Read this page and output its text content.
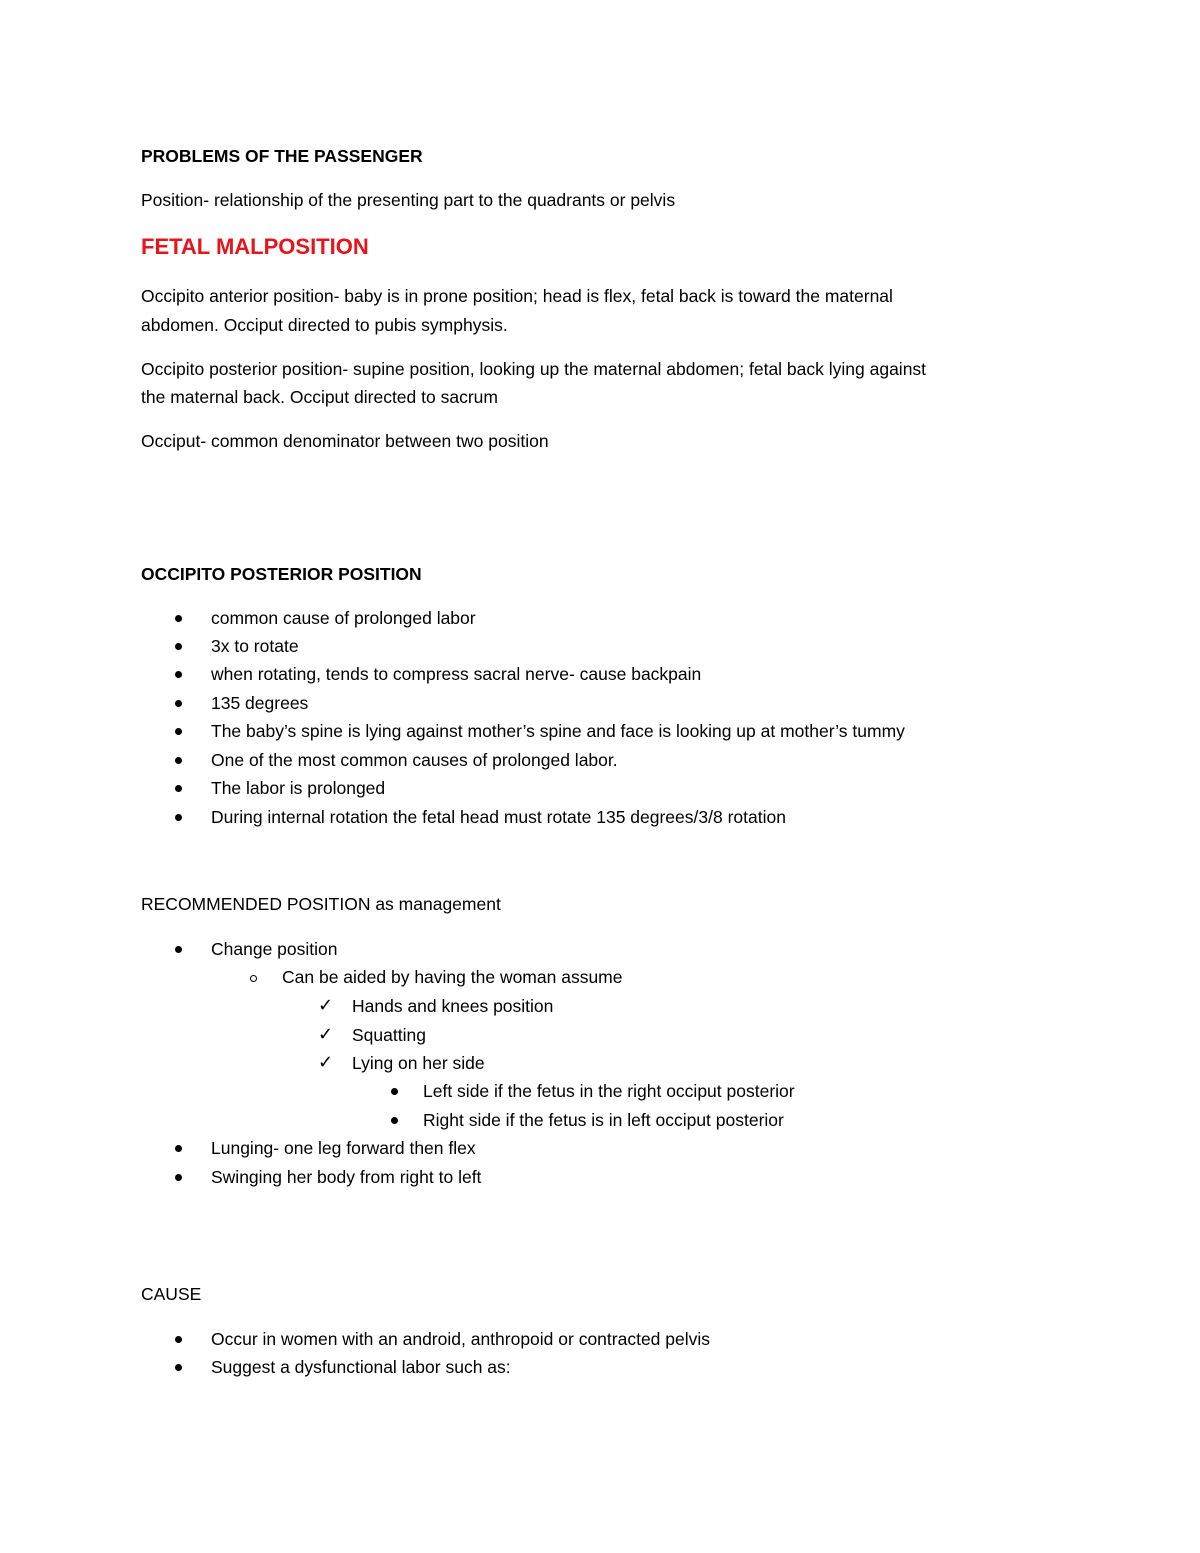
PROBLEMS OF THE PASSENGER
Position- relationship of the presenting part to the quadrants or pelvis
FETAL MALPOSITION
Occipito anterior position- baby is in prone position; head is flex, fetal back is toward the maternal
abdomen. Occiput directed to pubis symphysis.
Occipito posterior position- supine position, looking up the maternal abdomen; fetal back lying against
the maternal back. Occiput directed to sacrum
Occiput- common denominator between two position
OCCIPITO POSTERIOR POSITION
common cause of prolonged labor
3x to rotate
when rotating, tends to compress sacral nerve- cause backpain
135 degrees
The baby’s spine is lying against mother’s spine and face is looking up at mother’s tummy
One of the most common causes of prolonged labor.
The labor is prolonged
During internal rotation the fetal head must rotate 135 degrees/3/8 rotation
RECOMMENDED POSITION as management
Change position
Can be aided by having the woman assume
✓ Hands and knees position
✓ Squatting
✓ Lying on her side
Left side if the fetus in the right occiput posterior
Right side if the fetus is in left occiput posterior
Lunging- one leg forward then flex
Swinging her body from right to left
CAUSE
Occur in women with an android, anthropoid or contracted pelvis
Suggest a dysfunctional labor such as:
